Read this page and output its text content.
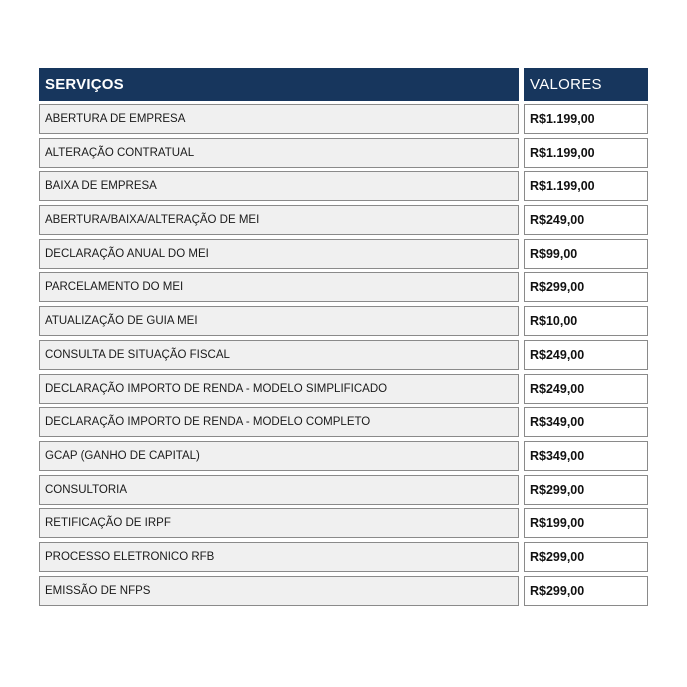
SERVIÇOS	VALORES
ABERTURA DE EMPRESA	R$1.199,00
ALTERAÇÃO CONTRATUAL	R$1.199,00
BAIXA DE EMPRESA	R$1.199,00
ABERTURA/BAIXA/ALTERAÇÃO DE MEI	R$249,00
DECLARAÇÃO ANUAL DO MEI	R$99,00
PARCELAMENTO DO MEI	R$299,00
ATUALIZAÇÃO DE GUIA MEI	R$10,00
CONSULTA DE SITUAÇÃO FISCAL	R$249,00
DECLARAÇÃO IMPORTO DE RENDA - MODELO SIMPLIFICADO	R$249,00
DECLARAÇÃO IMPORTO DE RENDA - MODELO COMPLETO	R$349,00
GCAP (GANHO DE CAPITAL)	R$349,00
CONSULTORIA	R$299,00
RETIFICAÇÃO DE IRPF	R$199,00
PROCESSO ELETRONICO RFB	R$299,00
EMISSÃO DE NFPS	R$299,00
